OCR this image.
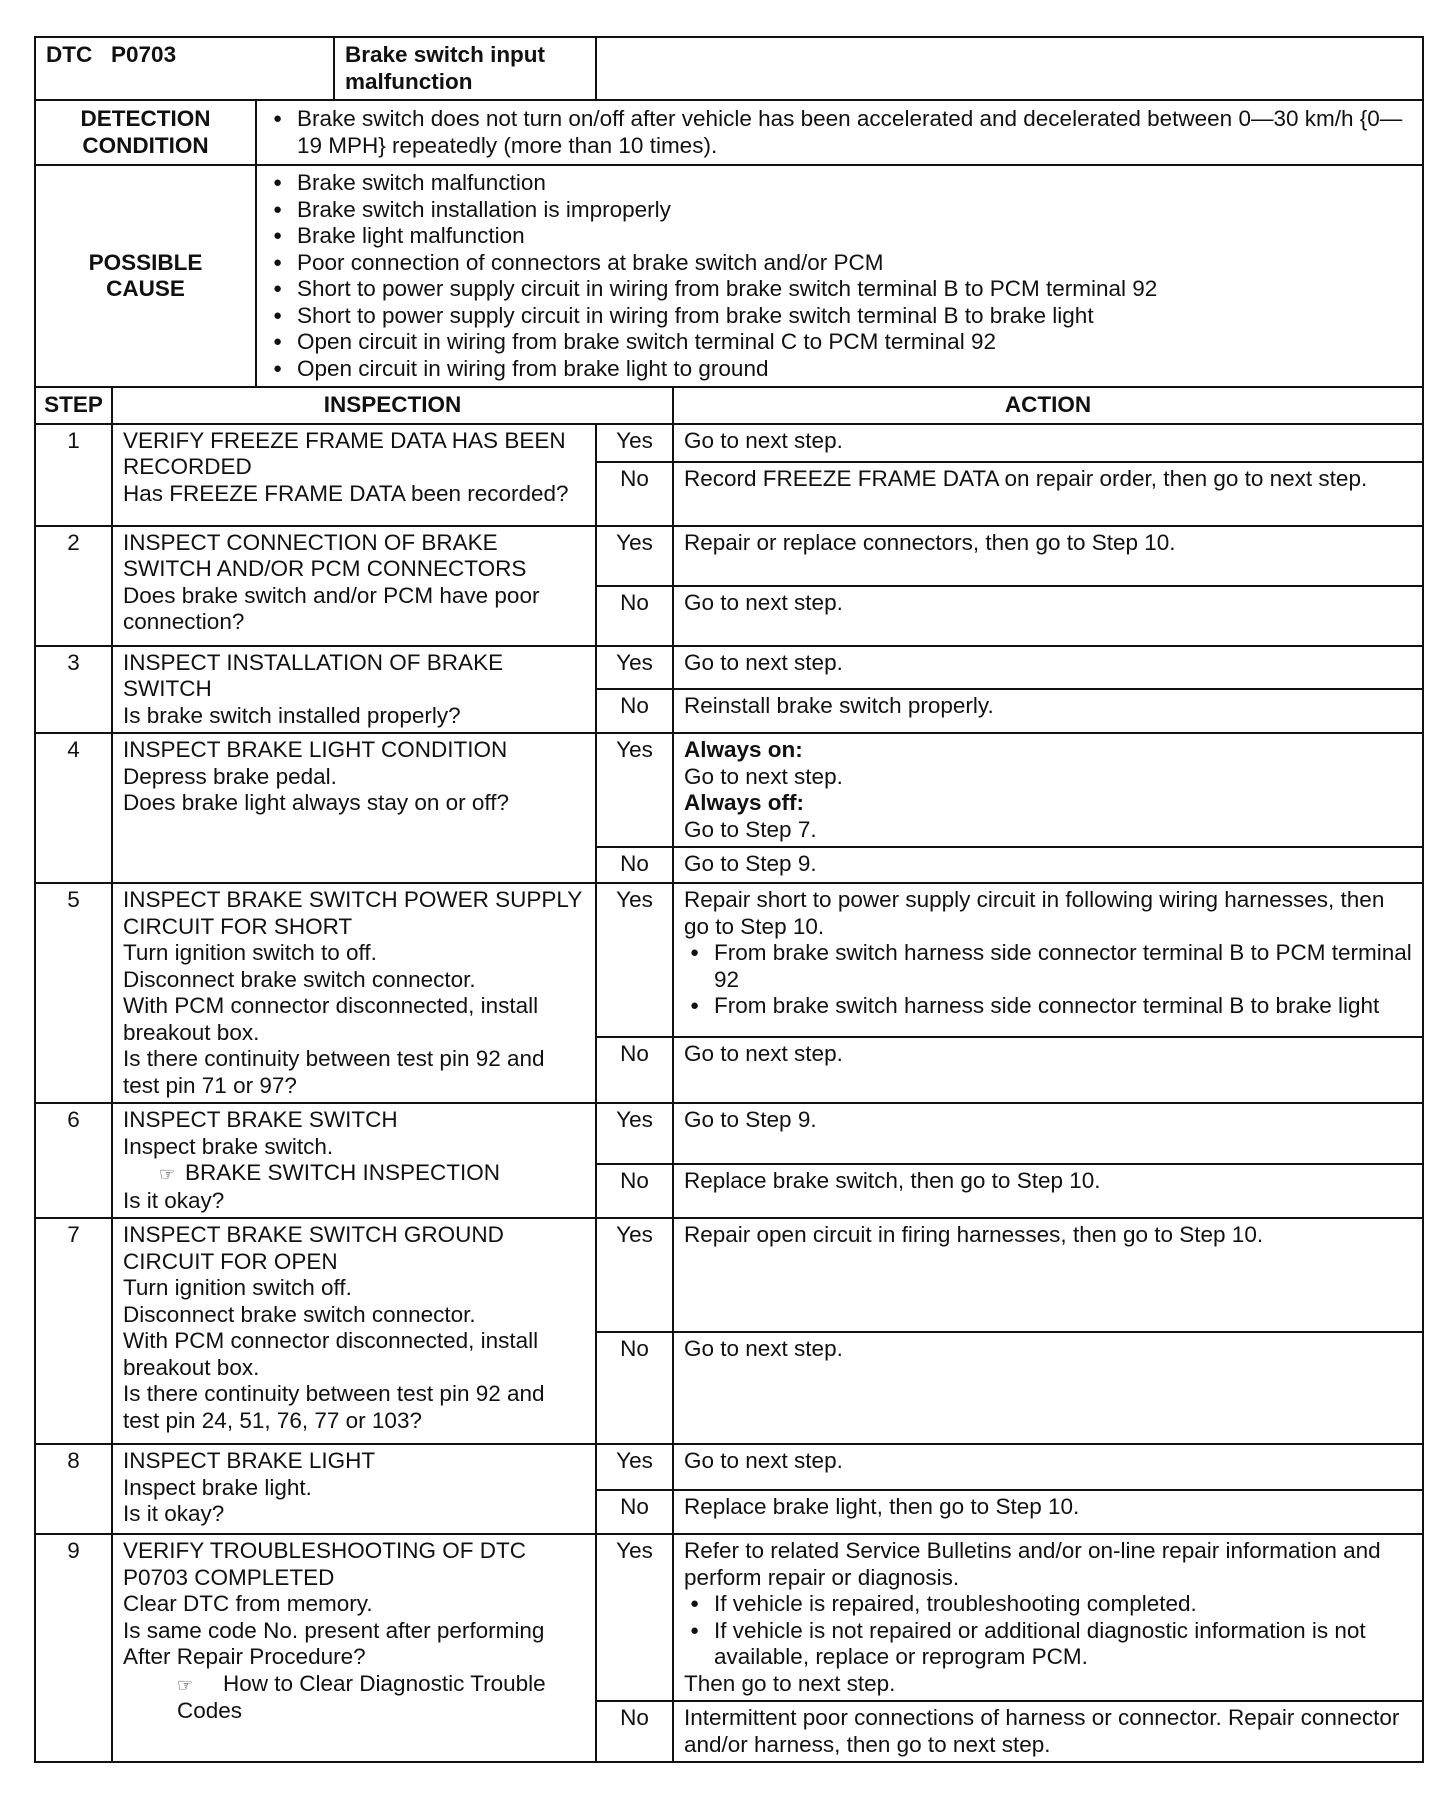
DTC P0703	Brake switch input malfunction

DETECTION
CONDITION

● Brake switch does not turn on/off after vehicle has been accelerated and decelerated between 0—30 km/h {0—19 MPH} repeatedly (more than 10 times).

POSSIBLE
CAUSE

● Brake switch malfunction
● Brake switch installation is improperly
● Brake light malfunction
● Poor connection of connectors at brake switch and/or PCM
● Short to power supply circuit in wiring from brake switch terminal B to PCM terminal 92
● Short to power supply circuit in wiring from brake switch terminal B to brake light
● Open circuit in wiring from brake switch terminal C to PCM terminal 92
● Open circuit in wiring from brake light to ground

STEP	INSPECTION	ACTION
1	VERIFY FREEZE FRAME DATA HAS BEEN RECORDED
Has FREEZE FRAME DATA been recorded?
	Yes	Go to next step.
No	Record FREEZE FRAME DATA on repair order, then go to next step.
2	INSPECT CONNECTION OF BRAKE SWITCH AND/OR PCM CONNECTORS
Does brake switch and/or PCM have poor connection?
	Yes	Repair or replace connectors, then go to Step 10.
No	Go to next step.
3	INSPECT INSTALLATION OF BRAKE SWITCH
Is brake switch installed properly?
	Yes	Go to next step.
No	Reinstall brake switch properly.
4	INSPECT BRAKE LIGHT CONDITION
Depress brake pedal.
Does brake light always stay on or off?
	Yes	Always on:
Go to next step.
Always off:
Go to Step 7.

No	Go to Step 9.
5	INSPECT BRAKE SWITCH POWER SUPPLY CIRCUIT FOR SHORT
Turn ignition switch to off.
Disconnect brake switch connector.
With PCM connector disconnected, install breakout box.
Is there continuity between test pin 92 and test pin 71 or 97?
	Yes	Repair short to power supply circuit in following wiring harnesses, then go to Step 10.
● From brake switch harness side connector terminal B to PCM terminal 92
● From brake switch harness side connector terminal B to brake light

No	Go to next step.
6	INSPECT BRAKE SWITCH
Inspect brake switch.
☞ BRAKE SWITCH INSPECTION
Is it okay?
	Yes	Go to Step 9.
No	Replace brake switch, then go to Step 10.
7	INSPECT BRAKE SWITCH GROUND CIRCUIT FOR OPEN
Turn ignition switch off.
Disconnect brake switch connector.
With PCM connector disconnected, install breakout box.
Is there continuity between test pin 92 and test pin 24, 51, 76, 77 or 103?
	Yes	Repair open circuit in firing harnesses, then go to Step 10.
No	Go to next step.
8	INSPECT BRAKE LIGHT
Inspect brake light.
Is it okay?
	Yes	Go to next step.
No	Replace brake light, then go to Step 10.
9	VERIFY TROUBLESHOOTING OF DTC P0703 COMPLETED
Clear DTC from memory.
Is same code No. present after performing After Repair Procedure?
☞ How to Clear Diagnostic Trouble Codes
	Yes	Refer to related Service Bulletins and/or on-line repair information and perform repair or diagnosis.
● If vehicle is repaired, troubleshooting completed.
● If vehicle is not repaired or additional diagnostic information is not available, replace or reprogram PCM.
Then go to next step.

No	Intermittent poor connections of harness or connector. Repair connector and/or harness, then go to next step.
